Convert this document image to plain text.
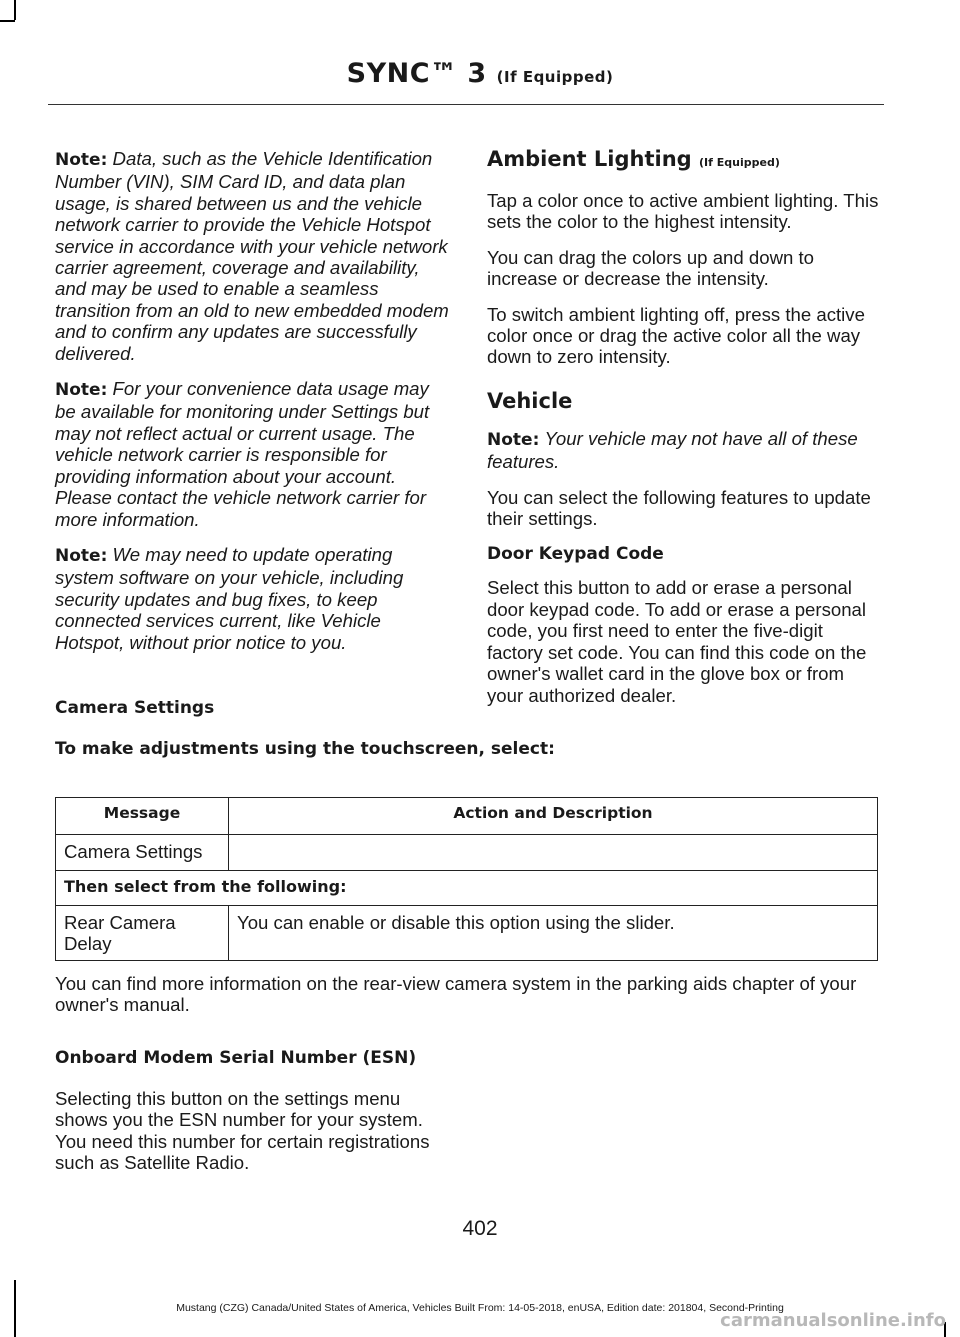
SYNC™ 3 (If Equipped)

Note: Data, such as the Vehicle Identification Number (VIN), SIM Card ID, and data plan usage, is shared between us and the vehicle network carrier to provide the Vehicle Hotspot service in accordance with your vehicle network carrier agreement, coverage and availability, and may be used to enable a seamless transition from an old to new embedded modem and to confirm any updates are successfully delivered.

Note: For your convenience data usage may be available for monitoring under Settings but may not reflect actual or current usage. The vehicle network carrier is responsible for providing information about your account. Please contact the vehicle network carrier for more information.

Note: We may need to update operating system software on your vehicle, including security updates and bug fixes, to keep connected services current, like Vehicle Hotspot, without prior notice to you.

Ambient Lighting (If Equipped)

Tap a color once to active ambient lighting. This sets the color to the highest intensity.

You can drag the colors up and down to increase or decrease the intensity.

To switch ambient lighting off, press the active color once or drag the active color all the way down to zero intensity.

Vehicle

Note: Your vehicle may not have all of these features.

You can select the following features to update their settings.

Door Keypad Code

Select this button to add or erase a personal door keypad code. To add or erase a personal code, you first need to enter the five-digit factory set code. You can find this code on the owner's wallet card in the glove box or from your authorized dealer.

Camera Settings
To make adjustments using the touchscreen, select:
Message	Action and Description
Camera Settings	
Then select from the following:	
Rear Camera Delay	You can enable or disable this option using the slider.
You can find more information on the rear-view camera system in the parking aids chapter of your owner's manual.
Onboard Modem Serial Number (ESN)
Selecting this button on the settings menu shows you the ESN number for your system. You need this number for certain registrations such as Satellite Radio.
402
Mustang (CZG) Canada/United States of America, Vehicles Built From: 14-05-2018, enUSA, Edition date: 201804, Second-Printing
carmanualsonline.info
